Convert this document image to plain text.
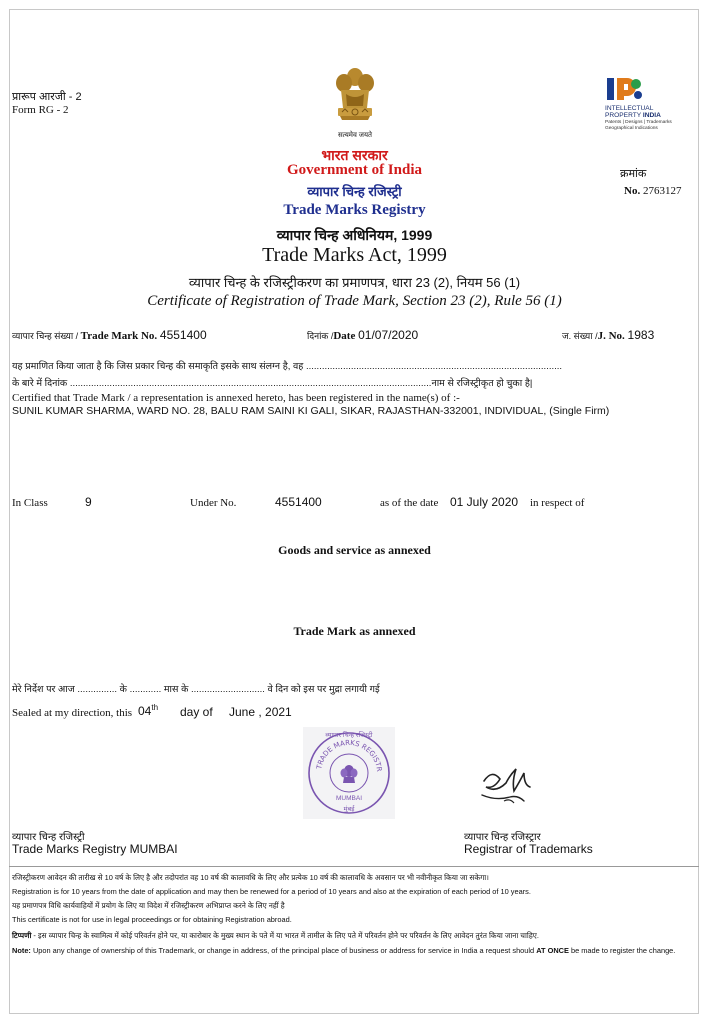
प्रारूप आरजी - 2
Form RG - 2
सत्यमेव जयते
INTELLECTUAL
PROPERTY INDIA
Patents | Designs | Trademarks
Geographical Indications
भारत सरकार
Government of India
व्यापार चिन्ह रजिस्ट्री
Trade Marks Registry
व्यापार चिन्ह अधिनियम, 1999
Trade Marks Act, 1999
व्यापार चिन्ह के रजिस्ट्रीकरण का प्रमाणपत्र, धारा 23 (2), नियम 56 (1)
Certificate of Registration of Trade Mark, Section 23 (2), Rule 56 (1)
क्रमांक
No. 2763127
व्यापार चिन्ह संख्या / Trade Mark No. 4551400	दिनांक /Date 01/07/2020	ज. संख्या /J. No. 1983
यह प्रमाणित किया जाता है कि जिस प्रकार चिन्ह की समाकृति इसके साथ संलग्न है, वह .................................................................................................
के बारे में दिनांक .........................................................................................................................................नाम से रजिस्ट्रीकृत हो चुका है|
Certified that Trade Mark / a representation is annexed hereto, has been registered in the name(s) of :-
SUNIL KUMAR SHARMA, WARD NO. 28, BALU RAM SAINI KI GALI, SIKAR, RAJASTHAN-332001, INDIVIDUAL, (Single Firm)
In Class	9	Under No.	4551400	as of the date 01 July 2020 in respect of
Goods and service as annexed
Trade Mark as annexed
मेरे निर्देश पर आज ............... के ............ मास के ............................ वे दिन को इस पर मुद्रा लगायी गई
Sealed at my direction, this 04th day of June , 2021
TRADE MARKS REGISTR
व्यापार चिन्ह रजिस्ट्री
MUMBAI
मुंबई
व्यापार चिन्ह रजिस्ट्री
Trade Marks Registry MUMBAI
व्यापार चिन्ह रजिस्ट्रार
Registrar of Trademarks
रजिस्ट्रीकरण आवेदन की तारीख से 10 वर्ष के लिए है और तदोपरांत वह 10 वर्ष की कालावधि के लिए और प्रत्येक 10 वर्ष की कालावधि के अवसान पर भी नवीनीकृत किया जा सकेगा।
Registration is for 10 years from the date of application and may then be renewed for a period of 10 years and also at the expiration of each period of 10 years.
यह प्रमाणपत्र विधि कार्यवाहियों में प्रयोग के लिए या विदेश में रजिस्ट्रीकरण अभिप्राप्त करने के लिए नहीं है
This certificate is not for use in legal proceedings or for obtaining Registration abroad.
टिप्पणी - इस व्यापार चिन्ह के स्वामित्व में कोई परिवर्तन होने पर, या कारोबार के मुख्य स्थान के पते में या भारत में तामील के लिए पते में परिवर्तन होने पर परिवर्तन के लिए आवेदन तुरंत किया जाना चाहिए.
Note: Upon any change of ownership of this Trademark, or change in address, of the principal place of business or address for service in India a request should AT ONCE be made to register the change.
